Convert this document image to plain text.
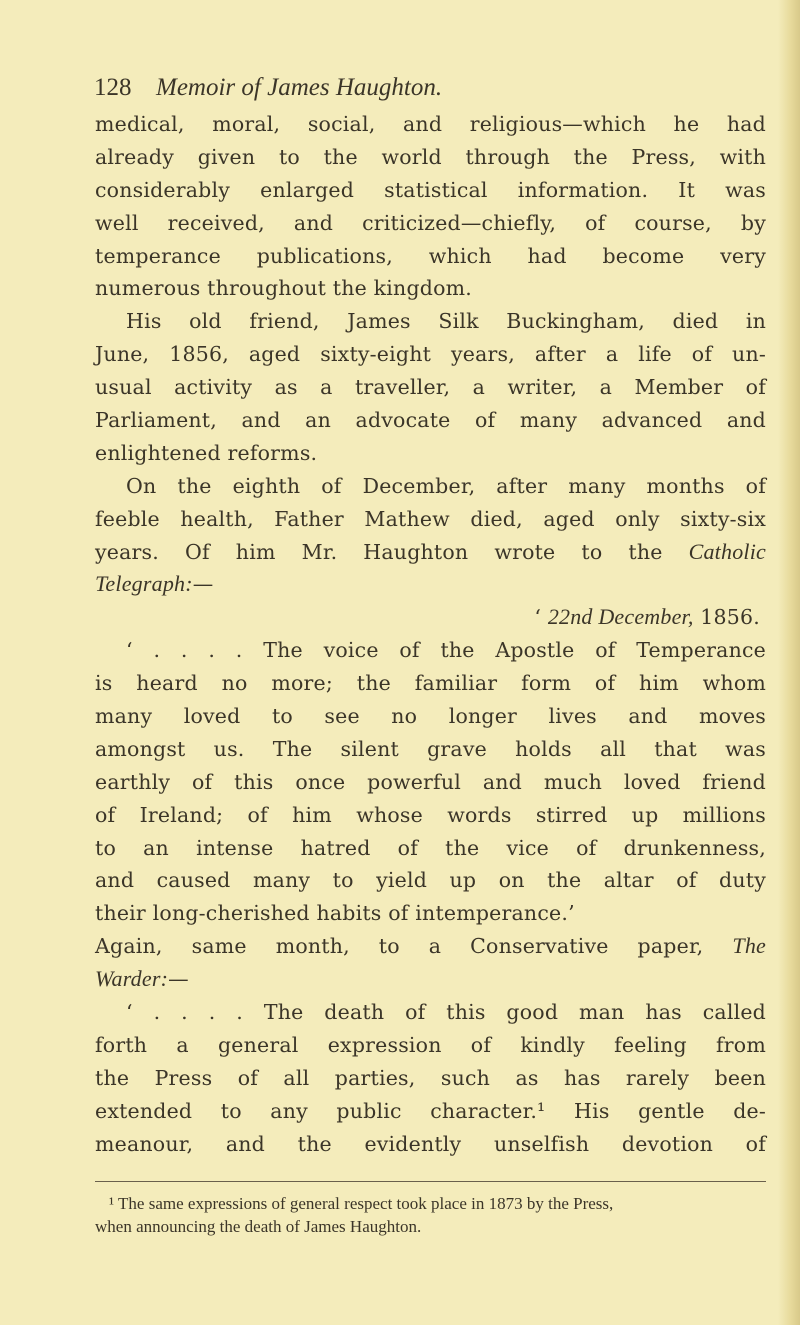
128 Memoir of James Haughton.
medical, moral, social, and religious—which he had
already given to the world through the Press, with
considerably enlarged statistical information. It was
well received, and criticized—chiefly, of course, by
temperance publications, which had become very
numerous throughout the kingdom.
His old friend, James Silk Buckingham, died in
June, 1856, aged sixty-eight years, after a life of un-
usual activity as a traveller, a writer, a Member of
Parliament, and an advocate of many advanced and
enlightened reforms.
On the eighth of December, after many months of
feeble health, Father Mathew died, aged only sixty-six
years. Of him Mr. Haughton wrote to the Catholic
Telegraph:—
‘ 22nd December, 1856.
‘ . . . . The voice of the Apostle of Temperance
is heard no more; the familiar form of him whom
many loved to see no longer lives and moves
amongst us. The silent grave holds all that was
earthly of this once powerful and much loved friend
of Ireland; of him whose words stirred up millions
to an intense hatred of the vice of drunkenness,
and caused many to yield up on the altar of duty
their long-cherished habits of intemperance.’
Again, same month, to a Conservative paper, The
Warder:—
‘ . . . . The death of this good man has called
forth a general expression of kindly feeling from
the Press of all parties, such as has rarely been
extended to any public character.¹ His gentle de-
meanour, and the evidently unselfish devotion of
¹ The same expressions of general respect took place in 1873 by the Press,
when announcing the death of James Haughton.
